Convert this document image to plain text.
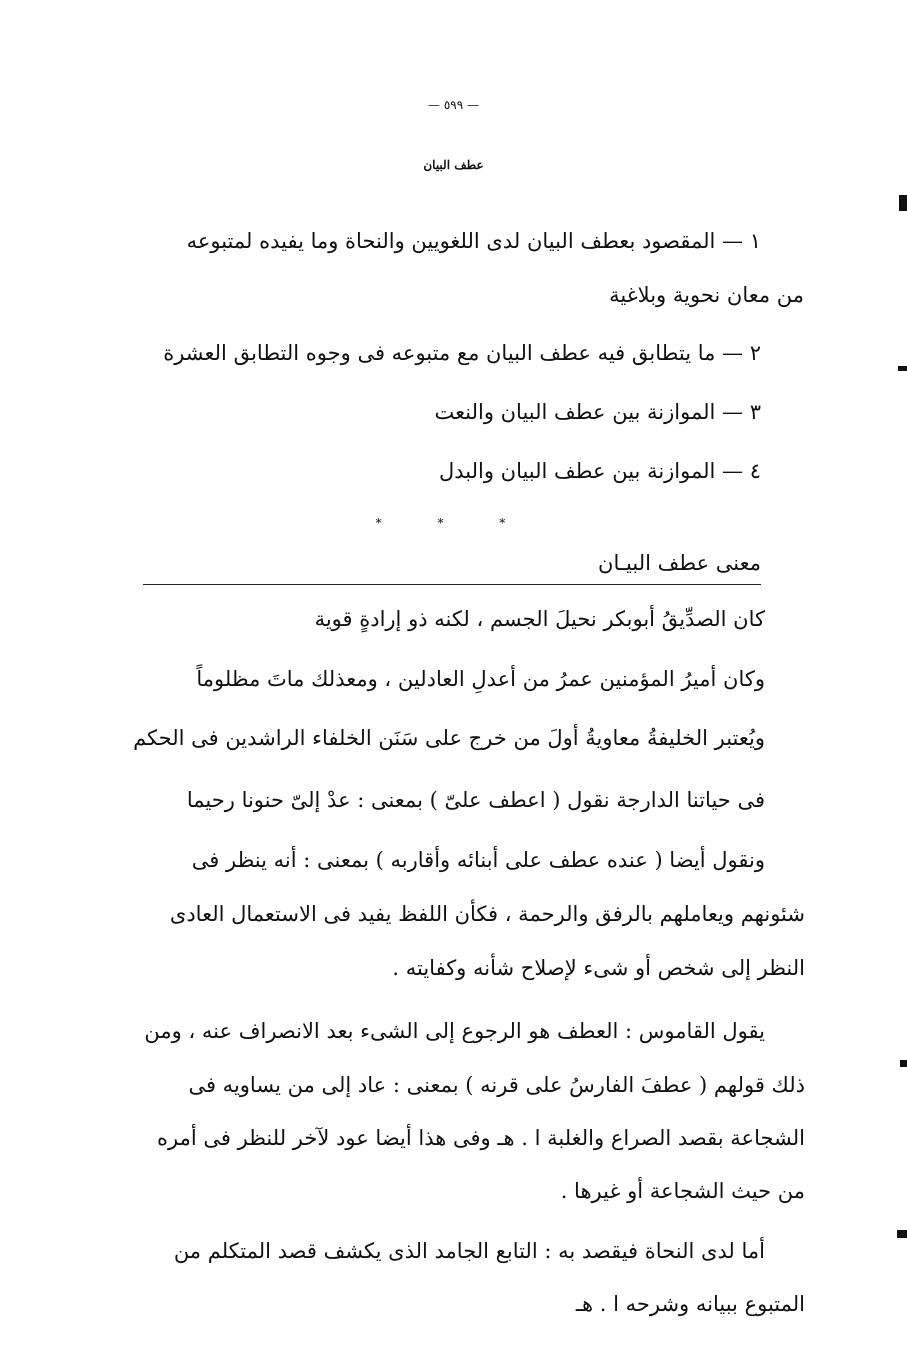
— ٥٩٩ —
عطف البيان
١ — المقصود بعطف البيان لدى اللغويين والنحاة وما يفيده لمتبوعه
من معان نحوية وبلاغية
٢ — ما يتطابق فيه عطف البيان مع متبوعه فى وجوه التطابق العشرة
٣ — الموازنة بين عطف البيان والنعت
٤ — الموازنة بين عطف البيان والبدل
* * *
معنى عطف البيـان
كان الصدِّيقُ أبوبكر نحيلَ الجسم ، لكنه ذو إرادةٍ قوية
وكان أميرُ المؤمنين عمرُ من أعدلِ العادلين ، ومعذلك ماتَ مظلوماً
ويُعتبر الخليفةُ معاويةُ أولَ من خرج على سَنَن الخلفاء الراشدين فى الحكم
فى حياتنا الدارجة نقول ( اعطف علىّ ) بمعنى : عدْ إلىّ حنونا رحيما
ونقول أيضا ( عنده عطف على أبنائه وأقاربه ) بمعنى : أنه ينظر فى
شئونهم ويعاملهم بالرفق والرحمة ، فكأن اللفظ يفيد فى الاستعمال العادى
النظر إلى شخص أو شىء لإصلاح شأنه وكفايته .
يقول القاموس : العطف هو الرجوع إلى الشىء بعد الانصراف عنه ، ومن
ذلك قولهم ( عطفَ الفارسُ على قرنه ) بمعنى : عاد إلى من يساويه فى
الشجاعة بقصد الصراع والغلبة ا . هـ وفى هذا أيضا عود لآخر للنظر فى أمره
من حيث الشجاعة أو غيرها .
أما لدى النحاة فيقصد به : التابع الجامد الذى يكشف قصد المتكلم من
المتبوع ببيانه وشرحه ا . هـ
